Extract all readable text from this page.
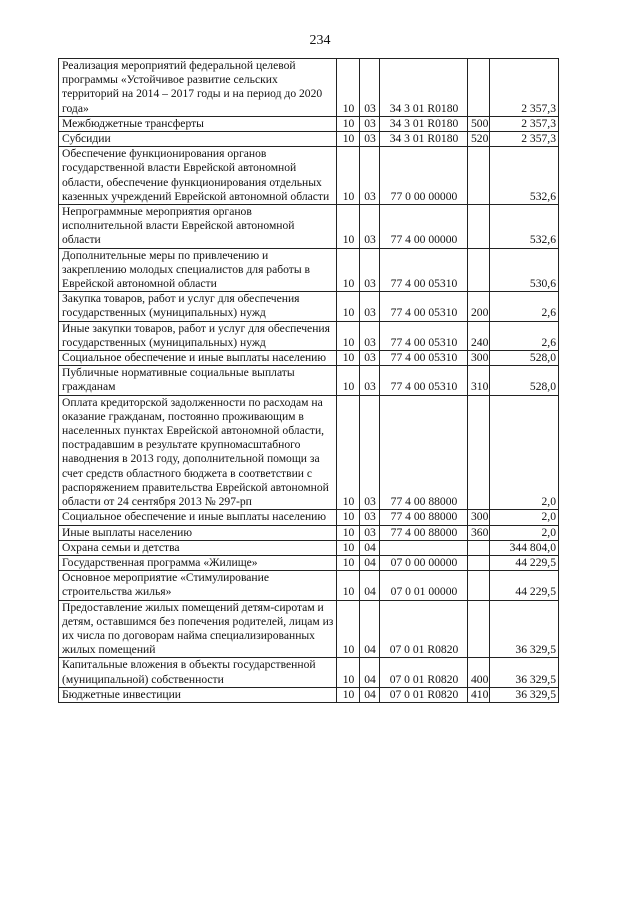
234
Реализация мероприятий федеральной целевой программы «Устойчивое развитие сельских территорий на 2014 – 2017 годы и на период до 2020 года»	10	03	34 3 01 R0180		2 357,3
Межбюджетные трансферты	10	03	34 3 01 R0180	500	2 357,3
Субсидии	10	03	34 3 01 R0180	520	2 357,3
Обеспечение функционирования органов государственной власти Еврейской автономной области, обеспечение функционирования отдельных казенных учреждений Еврейской автономной области	10	03	77 0 00 00000		532,6
Непрограммные мероприятия органов исполнительной власти Еврейской автономной области	10	03	77 4 00 00000		532,6
Дополнительные меры по привлечению и закреплению молодых специалистов для работы в Еврейской автономной области	10	03	77 4 00 05310		530,6
Закупка товаров, работ и услуг для обеспечения государственных (муниципальных) нужд	10	03	77 4 00 05310	200	2,6
Иные закупки товаров, работ и услуг для обеспечения государственных (муниципальных) нужд	10	03	77 4 00 05310	240	2,6
Социальное обеспечение и иные выплаты населению	10	03	77 4 00 05310	300	528,0
Публичные нормативные социальные выплаты гражданам	10	03	77 4 00 05310	310	528,0
Оплата кредиторской задолженности по расходам на оказание гражданам, постоянно проживающим в населенных пунктах Еврейской автономной области, пострадавшим в результате крупномасштабного наводнения в 2013 году, дополнительной помощи за счет средств областного бюджета в соответствии с распоряжением правительства Еврейской автономной области от 24 сентября 2013 № 297-рп	10	03	77 4 00 88000		2,0
Социальное обеспечение и иные выплаты населению	10	03	77 4 00 88000	300	2,0
Иные выплаты населению	10	03	77 4 00 88000	360	2,0
Охрана семьи и детства	10	04			344 804,0
Государственная программа «Жилище»	10	04	07 0 00 00000		44 229,5
Основное мероприятие «Стимулирование строительства жилья»	10	04	07 0 01 00000		44 229,5
Предоставление жилых помещений детям-сиротам и детям, оставшимся без попечения родителей, лицам из их числа по договорам найма специализированных жилых помещений	10	04	07 0 01 R0820		36 329,5
Капитальные вложения в объекты государственной (муниципальной) собственности	10	04	07 0 01 R0820	400	36 329,5
Бюджетные инвестиции	10	04	07 0 01 R0820	410	36 329,5
